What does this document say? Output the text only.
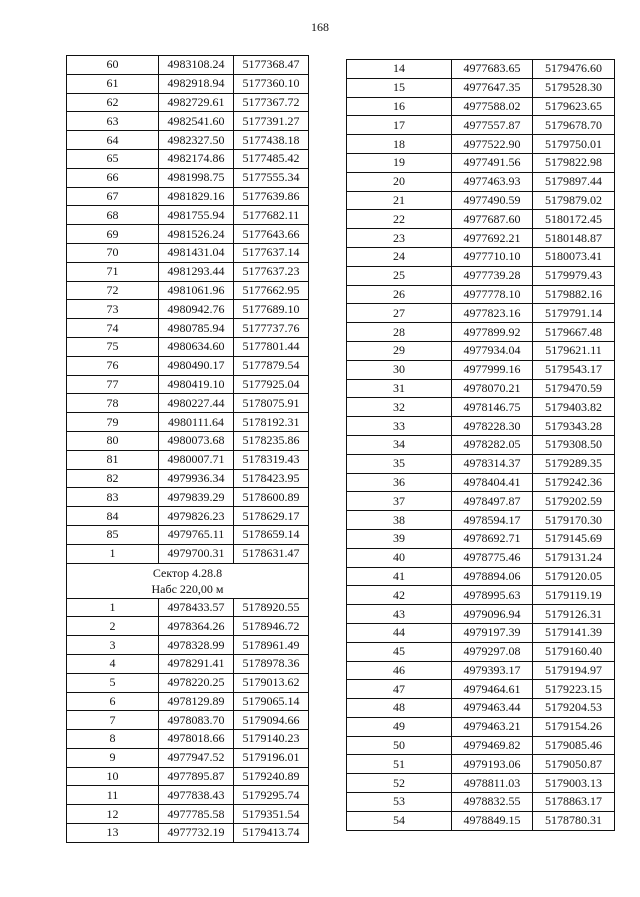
168
60	4983108.24	5177368.47
61	4982918.94	5177360.10
62	4982729.61	5177367.72
63	4982541.60	5177391.27
64	4982327.50	5177438.18
65	4982174.86	5177485.42
66	4981998.75	5177555.34
67	4981829.16	5177639.86
68	4981755.94	5177682.11
69	4981526.24	5177643.66
70	4981431.04	5177637.14
71	4981293.44	5177637.23
72	4981061.96	5177662.95
73	4980942.76	5177689.10
74	4980785.94	5177737.76
75	4980634.60	5177801.44
76	4980490.17	5177879.54
77	4980419.10	5177925.04
78	4980227.44	5178075.91
79	4980111.64	5178192.31
80	4980073.68	5178235.86
81	4980007.71	5178319.43
82	4979936.34	5178423.95
83	4979839.29	5178600.89
84	4979826.23	5178629.17
85	4979765.11	5178659.14
1	4979700.31	5178631.47

Сектор 4.28.8
Набс 220,00 м		

1	4978433.57	5178920.55
2	4978364.26	5178946.72
3	4978328.99	5178961.49
4	4978291.41	5178978.36
5	4978220.25	5179013.62
6	4978129.89	5179065.14
7	4978083.70	5179094.66
8	4978018.66	5179140.23
9	4977947.52	5179196.01
10	4977895.87	5179240.89
11	4977838.43	5179295.74
12	4977785.58	5179351.54
13	4977732.19	5179413.74
14	4977683.65	5179476.60
15	4977647.35	5179528.30
16	4977588.02	5179623.65
17	4977557.87	5179678.70
18	4977522.90	5179750.01
19	4977491.56	5179822.98
20	4977463.93	5179897.44
21	4977490.59	5179879.02
22	4977687.60	5180172.45
23	4977692.21	5180148.87
24	4977710.10	5180073.41
25	4977739.28	5179979.43
26	4977778.10	5179882.16
27	4977823.16	5179791.14
28	4977899.92	5179667.48
29	4977934.04	5179621.11
30	4977999.16	5179543.17
31	4978070.21	5179470.59
32	4978146.75	5179403.82
33	4978228.30	5179343.28
34	4978282.05	5179308.50
35	4978314.37	5179289.35
36	4978404.41	5179242.36
37	4978497.87	5179202.59
38	4978594.17	5179170.30
39	4978692.71	5179145.69
40	4978775.46	5179131.24
41	4978894.06	5179120.05
42	4978995.63	5179119.19
43	4979096.94	5179126.31
44	4979197.39	5179141.39
45	4979297.08	5179160.40
46	4979393.17	5179194.97
47	4979464.61	5179223.15
48	4979463.44	5179204.53
49	4979463.21	5179154.26
50	4979469.82	5179085.46
51	4979193.06	5179050.87
52	4978811.03	5179003.13
53	4978832.55	5178863.17
54	4978849.15	5178780.31
